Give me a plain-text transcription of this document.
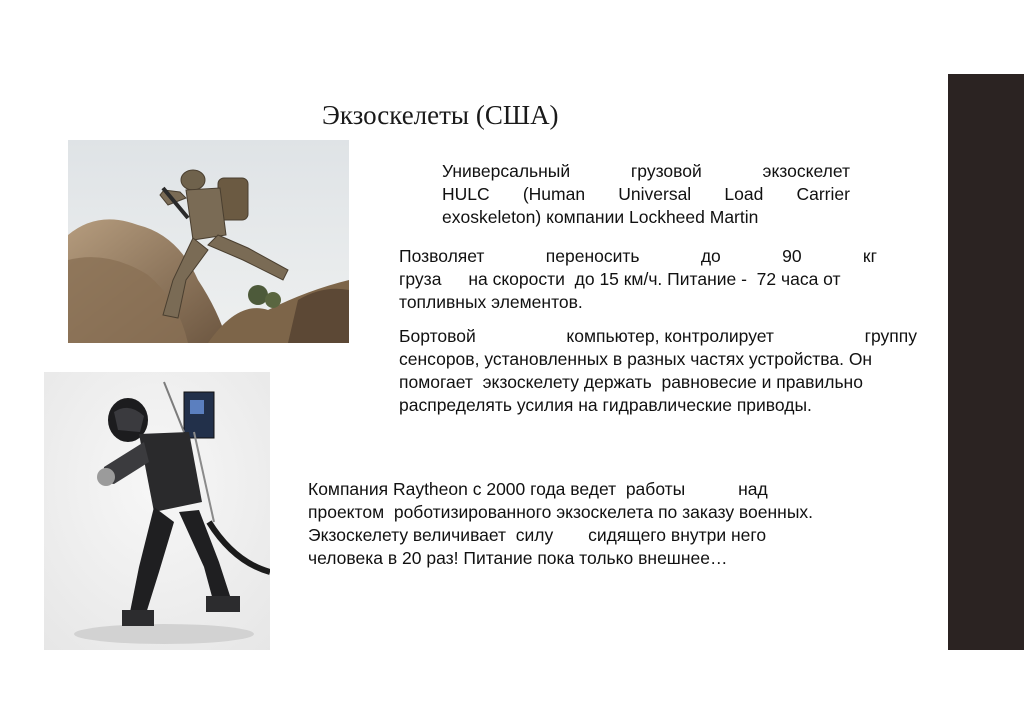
Экзоскелеты (США)
Универсальный	грузовой	экзоскелет
HULC (Human Universal Load Carrier
exoskeleton) компании Lockheed Martin
Позволяет	переносить	до	90	кг
груза на скорости  до 15 км/ч. Питание -  72 часа от
топливных элементов.
Бортовой	компьютер, контролирует	группу
сенсоров, установленных в разных частях устройства. Он
помогает  экзоскелету держать  равновесие и правильно
распределять усилия на гидравлические приводы.
Компания Raytheon с 2000 года ведет  работы	над
проектом  роботизированного экзоскелета по заказу военных.
Экзоскелету величивает  силу сидящего внутри него
человека в 20 раз! Питание пока только внешнее…
